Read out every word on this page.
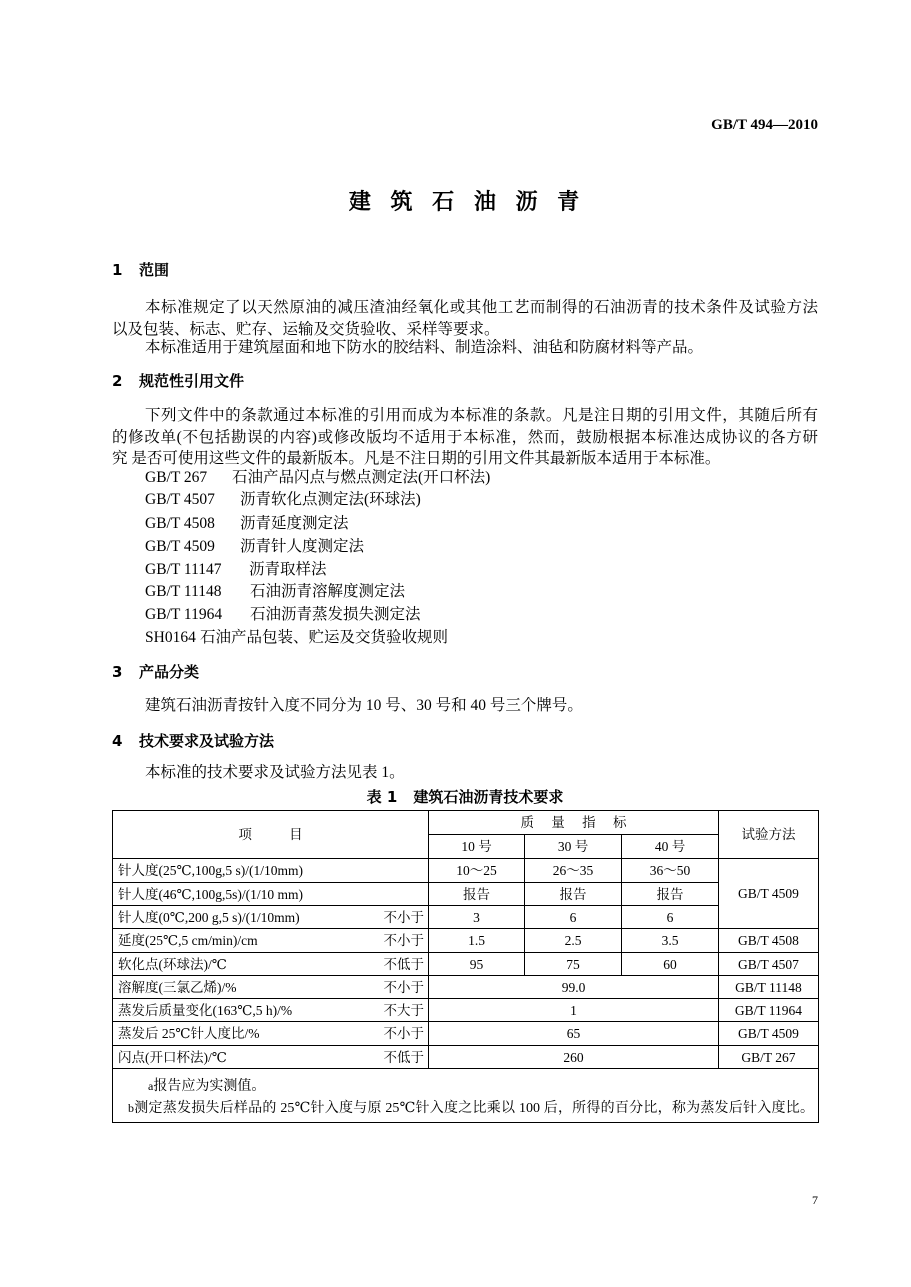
GB/T 494—2010
建 筑 石 油 沥 青
1 范围
本标准规定了以天然原油的减压渣油经氧化或其他工艺而制得的石油沥青的技术条件及试验方法
以及包装、标志、贮存、运输及交货验收、采样等要求。
本标准适用于建筑屋面和地下防水的胶结料、制造涂料、油毡和防腐材料等产品。
2 规范性引用文件
下列文件中的条款通过本标准的引用而成为本标准的条款。凡是注日期的引用文件，其随后所有
的修改单(不包括勘误的内容)或修改版均不适用于本标准，然而，鼓励根据本标准达成协议的各方研
究 是否可使用这些文件的最新版本。凡是不注日期的引用文件其最新版本适用于本标准。
GB/T 267 石油产品闪点与燃点测定法(开口杯法)
GB/T 4507 沥青软化点测定法(环球法)
GB/T 4508 沥青延度测定法
GB/T 4509 沥青针人度测定法
GB/T 11147 沥青取样法
GB/T 11148 石油沥青溶解度测定法
GB/T 11964 石油沥青蒸发损失测定法
SH0164 石油产品包装、贮运及交货验收规则
3 产品分类
建筑石油沥青按针入度不同分为 10 号、30 号和 40 号三个牌号。
4 技术要求及试验方法
本标准的技术要求及试验方法见表 1。
表 1 建筑石油沥青技术要求
项 目	质 量 指 标			试验方法
	10 号	30 号	40 号	

针人度(25℃,100g,5 s)/(1/10mm)	10～25	26～35	36～50	GB/T 4509

针人度(46℃,100g,5s)/(1/10 mm)	报告	报告	报告	

针人度(0℃,200 g,5 s)/(1/10mm) 不小于	3	6	6	

延度(25℃,5 cm/min)/cm 不小于	1.5	2.5	3.5	GB/T 4508

软化点(环球法)/℃ 不低于	95	75	60	GB/T 4507

溶解度(三氯乙烯)/% 不小于	99.0			GB/T 11148

蒸发后质量变化(163℃,5 h)/% 不大于	1			GB/T 11964

蒸发后 25℃针人度比/% 不小于	65			GB/T 4509

闪点(开口杯法)/℃ 不低于	260			GB/T 267

a报告应为实测值。
b测定蒸发损失后样品的 25℃针入度与原 25℃针入度之比乘以 100 后，所得的百分比，称为蒸发后针入度比。				
7
